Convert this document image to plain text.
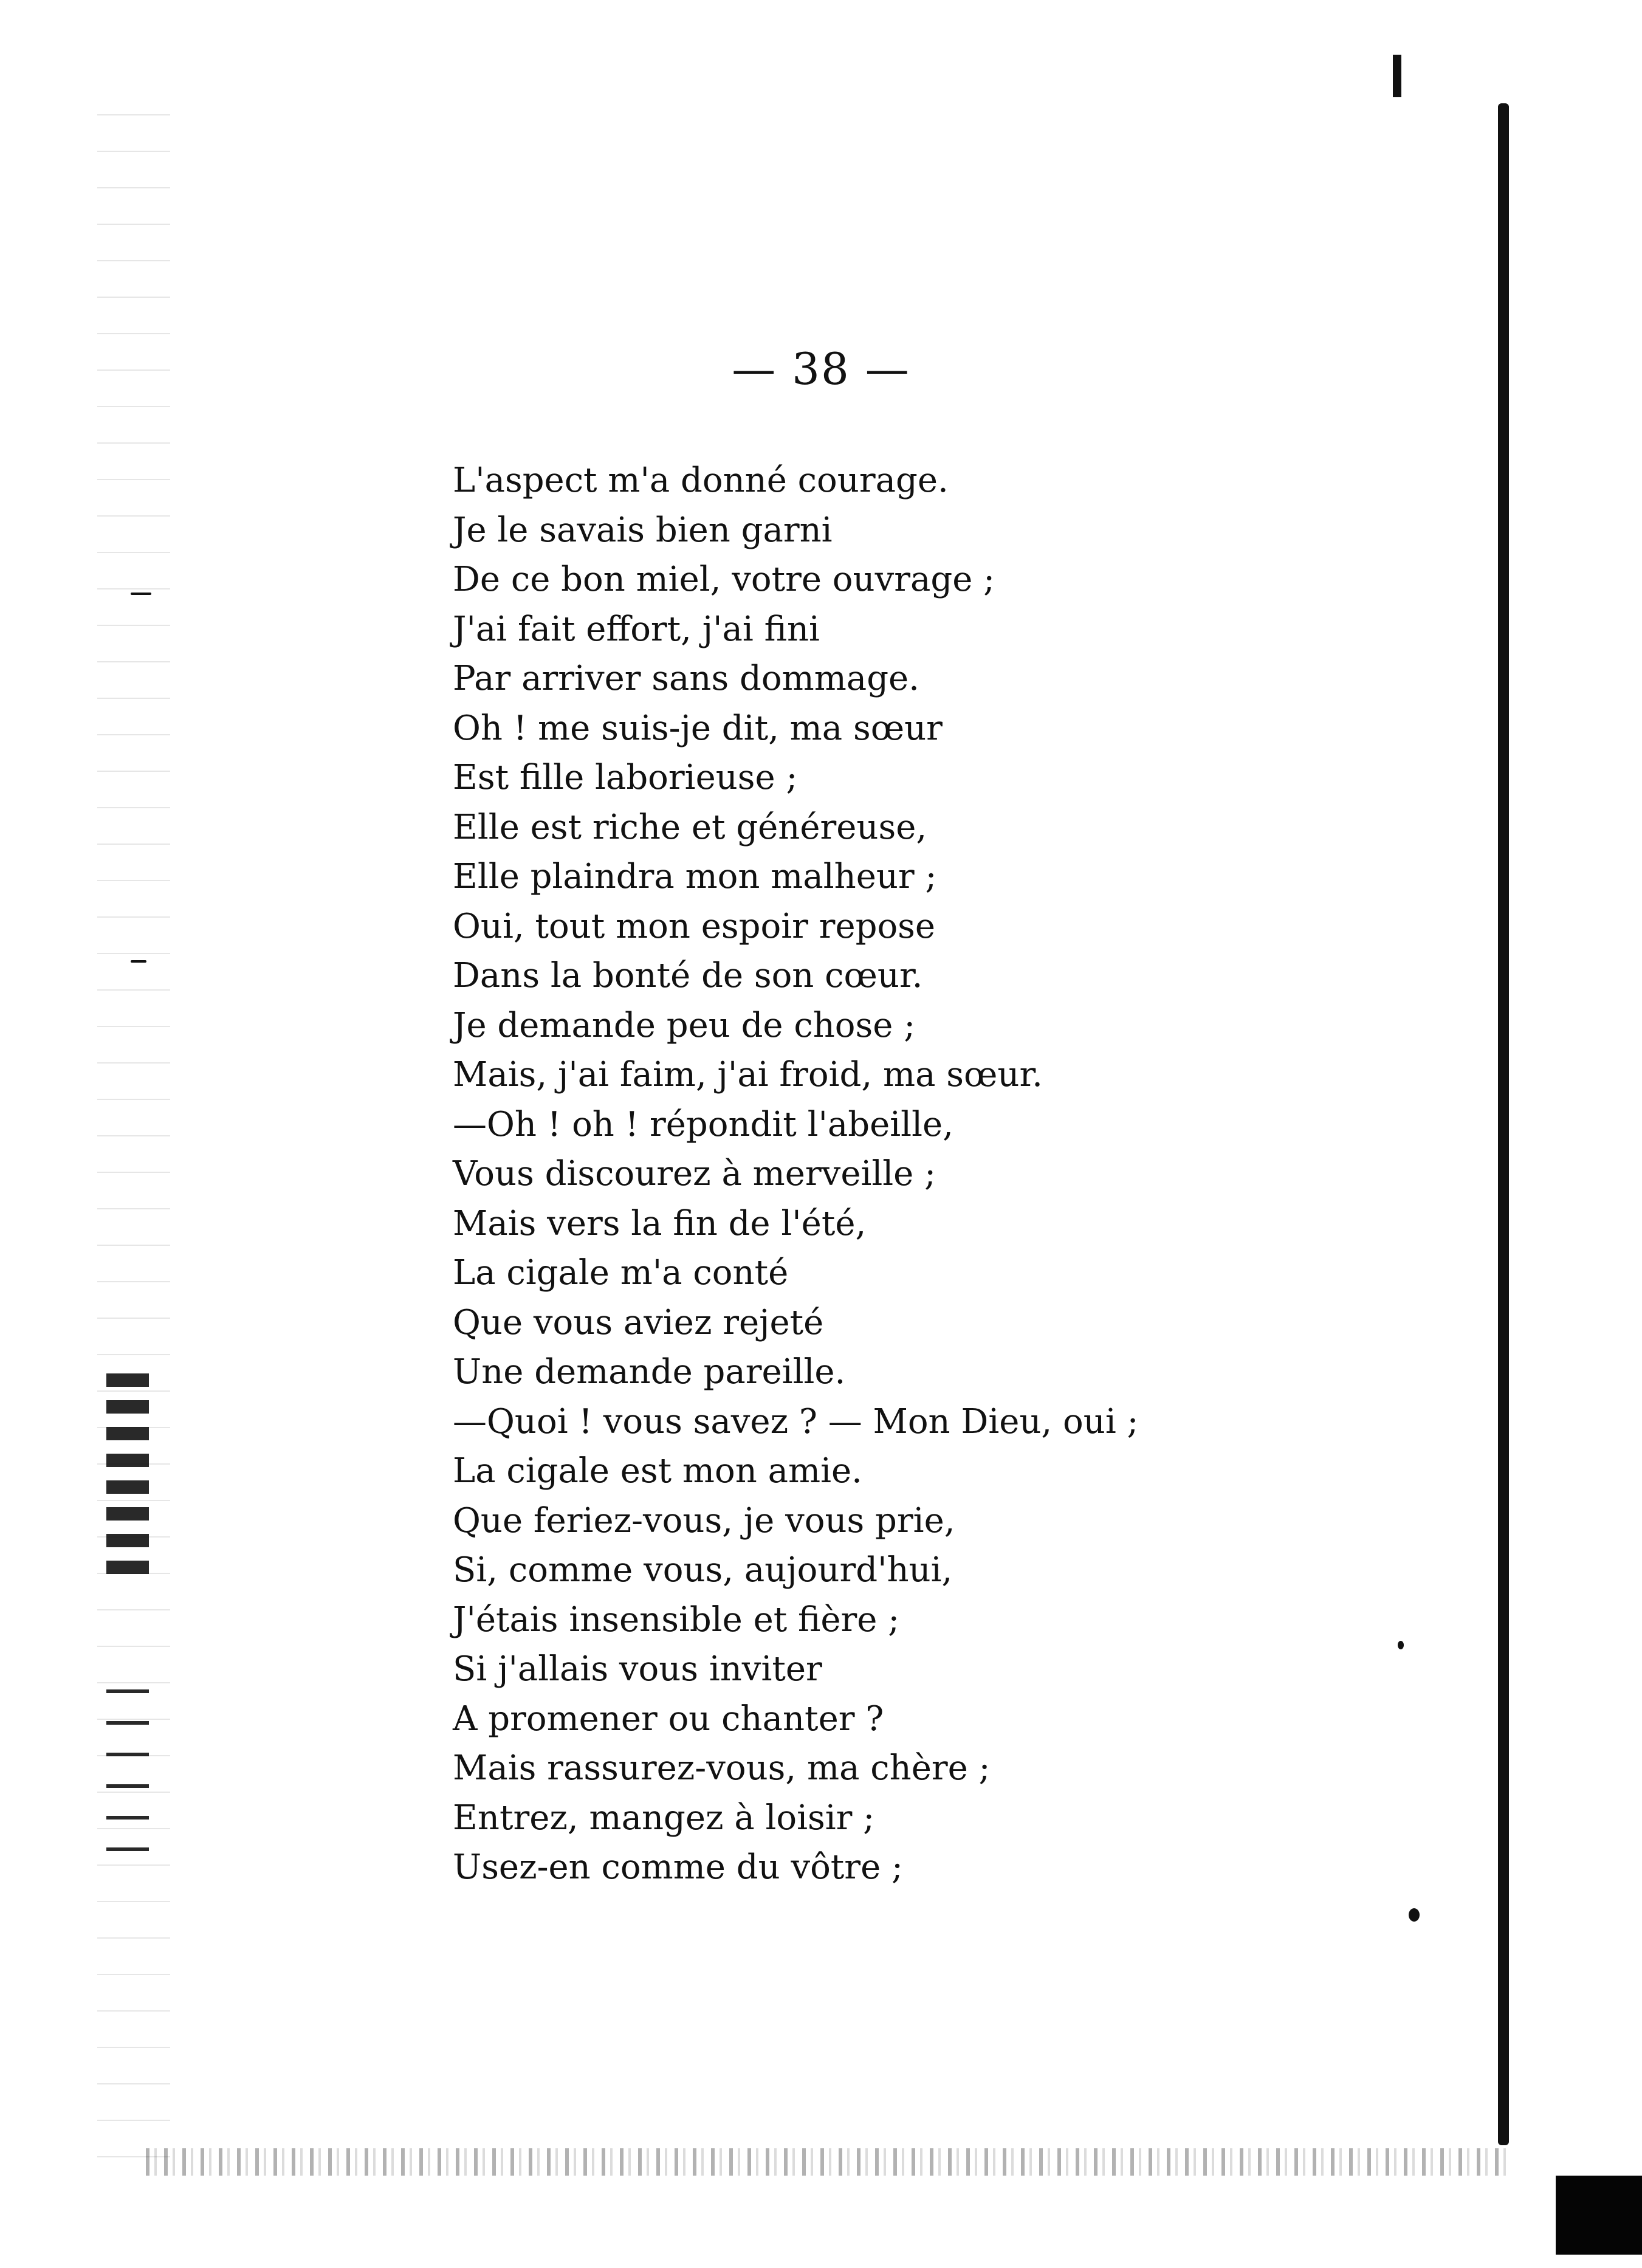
— 38 —
L'aspect m'a donné courage.
Je le savais bien garni
De ce bon miel, votre ouvrage ;
J'ai fait effort, j'ai fini
Par arriver sans dommage.
Oh ! me suis-je dit, ma sœur
Est fille laborieuse ;
Elle est riche et généreuse,
Elle plaindra mon malheur ;
Oui, tout mon espoir repose
Dans la bonté de son cœur.
Je demande peu de chose ;
Mais, j'ai faim, j'ai froid, ma sœur.
—Oh ! oh ! répondit l'abeille,
Vous discourez à merveille ;
Mais vers la fin de l'été,
La cigale m'a conté
Que vous aviez rejeté
Une demande pareille.
—Quoi ! vous savez ? — Mon Dieu, oui ;
La cigale est mon amie.
Que feriez-vous, je vous prie,
Si, comme vous, aujourd'hui,
J'étais insensible et fière ;
Si j'allais vous inviter
A promener ou chanter ?
Mais rassurez-vous, ma chère ;
Entrez, mangez à loisir ;
Usez-en comme du vôtre ;
